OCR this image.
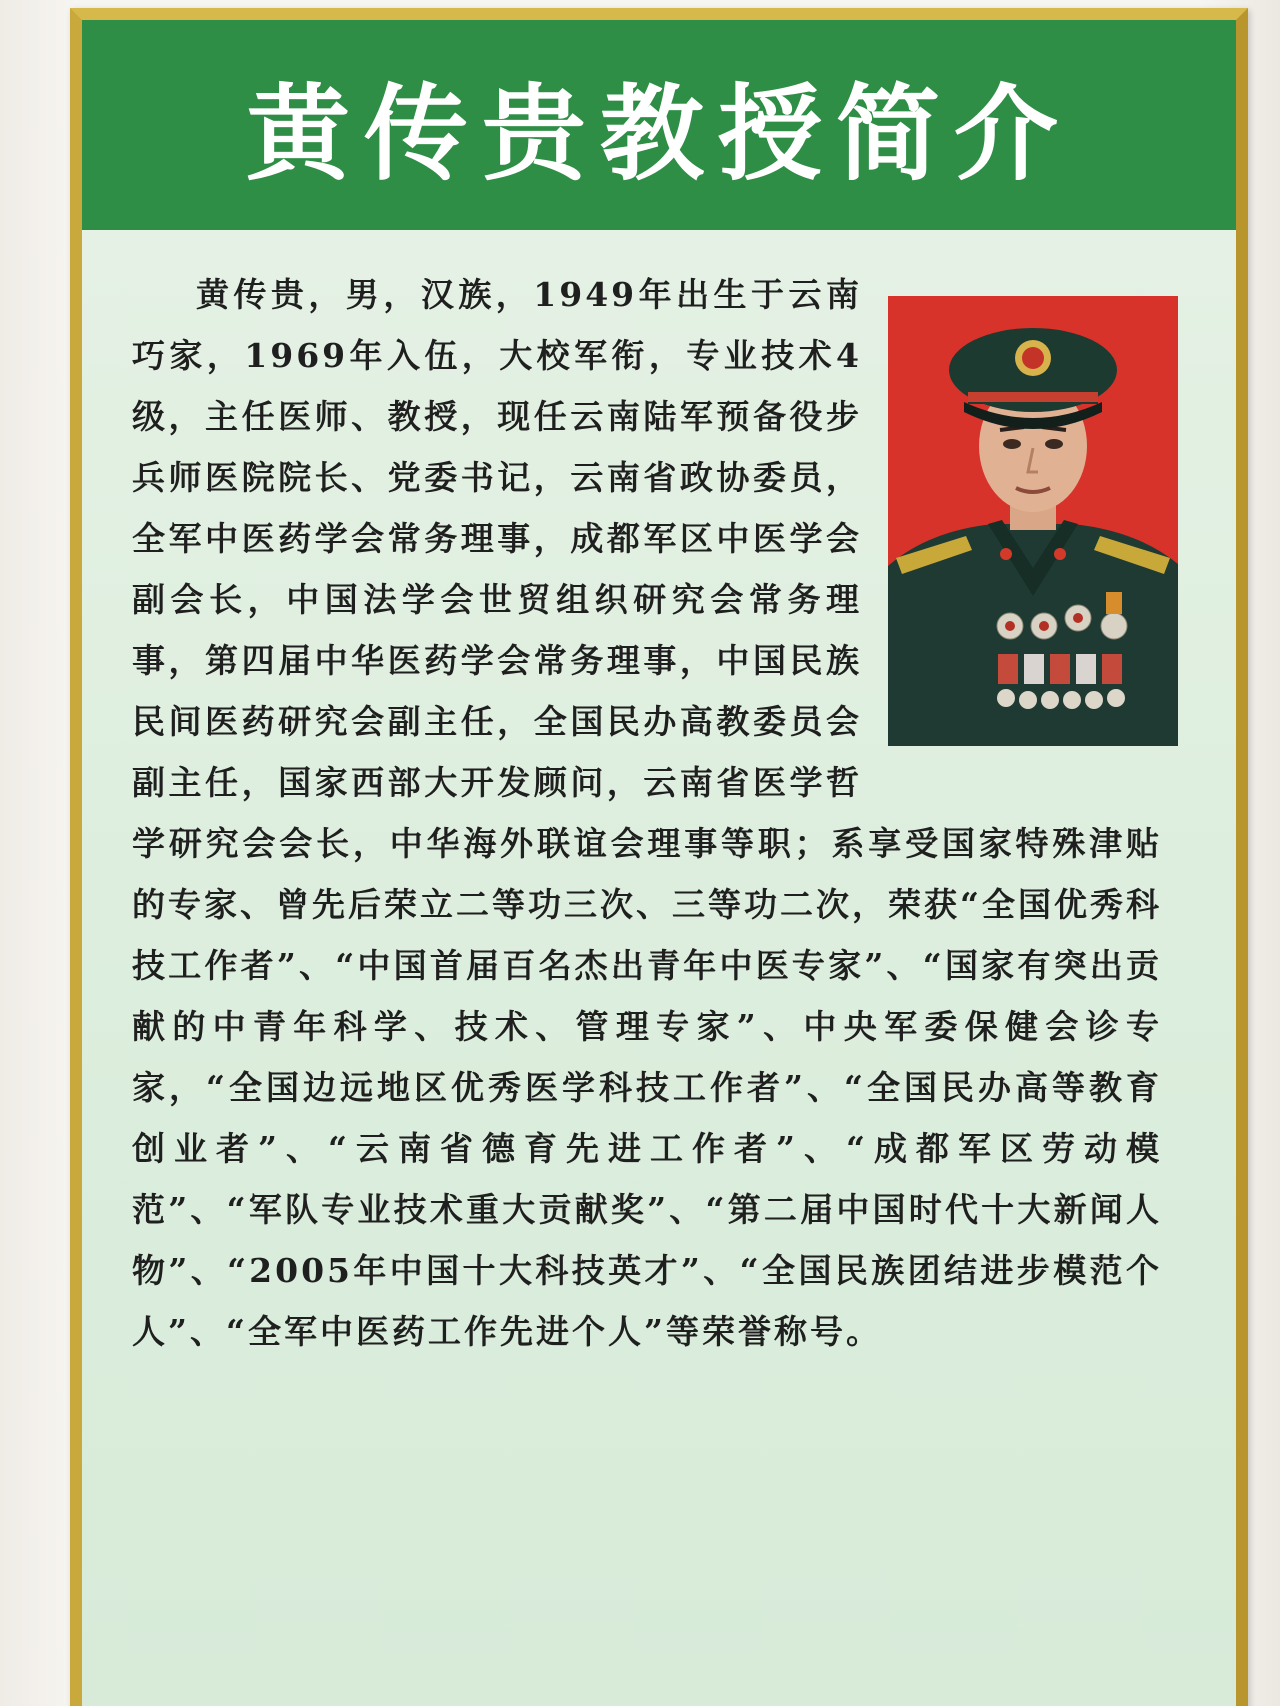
黄传贵教授简介

黄传贵，男，汉族，1949年出生于云南巧家，1969年入伍，大校军衔，专业技术4级，主任医师、教授，现任云南陆军预备役步兵师医院院长、党委书记，云南省政协委员，全军中医药学会常务理事，成都军区中医学会副会长，中国法学会世贸组织研究会常务理事，第四届中华医药学会常务理事，中国民族民间医药研究会副主任，全国民办高教委员会副主任，国家西部大开发顾问，云南省医学哲学研究会会长，中华海外联谊会理事等职；系享受国家特殊津贴的专家、曾先后荣立二等功三次、三等功二次，荣获“全国优秀科技工作者”、“中国首届百名杰出青年中医专家”、“国家有突出贡献的中青年科学、技术、管理专家”、中央军委保健会诊专家，“全国边远地区优秀医学科技工作者”、“全国民办高等教育创业者”、“云南省德育先进工作者”、“成都军区劳动模范”、“军队专业技术重大贡献奖”、“第二届中国时代十大新闻人物”、“2005年中国十大科技英才”、“全国民族团结进步模范个人”、“全军中医药工作先进个人”等荣誉称号。
